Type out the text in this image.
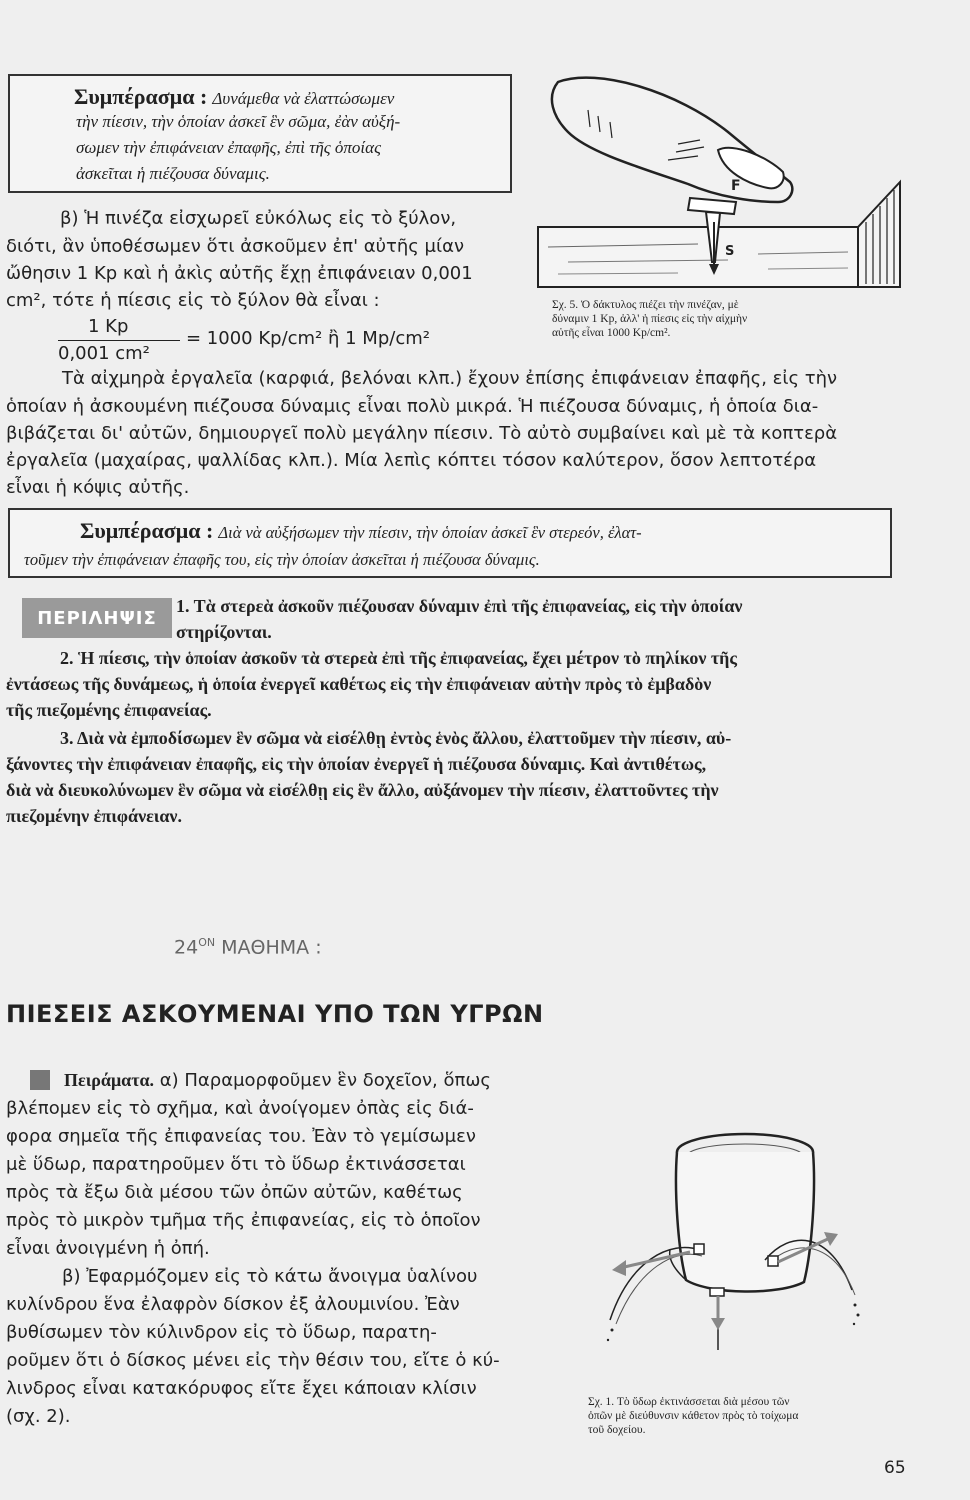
Συμπέρασμα : Δυνάμεθα νὰ ἐλαττώσωμεν
τὴν πίεσιν, τὴν ὁποίαν ἀσκεῖ ἓν σῶμα, ἐὰν αὐξή-
σωμεν τὴν ἐπιφάνειαν ἐπαφῆς, ἐπὶ τῆς ὁποίας
ἀσκεῖται ἡ πιέζουσα δύναμις.
β) Ἡ πινέζα εἰσχωρεῖ εὐκόλως εἰς τὸ ξύλον,
διότι, ἂν ὑποθέσωμεν ὅτι ἀσκοῦμεν ἐπ' αὐτῆς μίαν
ὤθησιν 1 Kp καὶ ἡ ἀκὶς αὐτῆς ἔχῃ ἐπιφάνειαν 0,001
cm², τότε ἡ πίεσις εἰς τὸ ξύλον θὰ εἶναι :
1 Kp
0,001 cm²
= 1000 Kp/cm² ἢ 1 Mp/cm²
F
S
Σχ. 5. Ὁ δάκτυλος πιέζει τὴν πινέζαν, μὲ
δύναμιν 1 Kp, ἀλλ' ἡ πίεσις εἰς τὴν αἰχμὴν
αὐτῆς εἶναι 1000 Kp/cm².
Τὰ αἰχμηρὰ ἐργαλεῖα (καρφιά, βελόναι κλπ.) ἔχουν ἐπίσης ἐπιφάνειαν ἐπαφῆς, εἰς τὴν
ὁποίαν ἡ ἀσκουμένη πιέζουσα δύναμις εἶναι πολὺ μικρά. Ἡ πιέζουσα δύναμις, ἡ ὁποία δια-
βιβάζεται δι' αὐτῶν, δημιουργεῖ πολὺ μεγάλην πίεσιν. Τὸ αὐτὸ συμβαίνει καὶ μὲ τὰ κοπτερὰ
ἐργαλεῖα (μαχαίρας, ψαλλίδας κλπ.). Μία λεπὶς κόπτει τόσον καλύτερον, ὅσον λεπτοτέρα
εἶναι ἡ κόψις αὐτῆς.
Συμπέρασμα : Διὰ νὰ αὐξήσωμεν τὴν πίεσιν, τὴν ὁποίαν ἀσκεῖ ἓν στερεόν, ἐλατ-
τοῦμεν τὴν ἐπιφάνειαν ἐπαφῆς του, εἰς τὴν ὁποίαν ἀσκεῖται ἡ πιέζουσα δύναμις.
ΠΕΡΙΛΗΨΙΣ
1. Τὰ στερεὰ ἀσκοῦν πιέζουσαν δύναμιν ἐπὶ τῆς ἐπιφανείας, εἰς τὴν ὁποίαν
στηρίζονται.
2. Ἡ πίεσις, τὴν ὁποίαν ἀσκοῦν τὰ στερεὰ ἐπὶ τῆς ἐπιφανείας, ἔχει μέτρον τὸ πηλίκον τῆς
ἐντάσεως τῆς δυνάμεως, ἡ ὁποία ἐνεργεῖ καθέτως εἰς τὴν ἐπιφάνειαν αὐτὴν πρὸς τὸ ἐμβαδὸν
τῆς πιεζομένης ἐπιφανείας.
3. Διὰ νὰ ἐμποδίσωμεν ἓν σῶμα νὰ εἰσέλθῃ ἐντὸς ἑνὸς ἄλλου, ἐλαττοῦμεν τὴν πίεσιν, αὐ-
ξάνοντες τὴν ἐπιφάνειαν ἐπαφῆς, εἰς τὴν ὁποίαν ἐνεργεῖ ἡ πιέζουσα δύναμις. Καὶ ἀντιθέτως,
διὰ νὰ διευκολύνωμεν ἓν σῶμα νὰ εἰσέλθῃ εἰς ἓν ἄλλο, αὐξάνομεν τὴν πίεσιν, ἐλαττοῦντες τὴν
πιεζομένην ἐπιφάνειαν.
$24^{ON}$ ΜΑΘΗΜΑ :
ΠΙΕΣΕΙΣ ΑΣΚΟΥΜΕΝΑΙ ΥΠΟ ΤΩΝ ΥΓΡΩΝ
Πειράματα. α) Παραμορφοῦμεν ἓν δοχεῖον, ὅπως
βλέπομεν εἰς τὸ σχῆμα, καὶ ἀνοίγομεν ὀπὰς εἰς διά-
φορα σημεῖα τῆς ἐπιφανείας του. Ἐὰν τὸ γεμίσωμεν
μὲ ὕδωρ, παρατηροῦμεν ὅτι τὸ ὕδωρ ἐκτινάσσεται
πρὸς τὰ ἔξω διὰ μέσου τῶν ὀπῶν αὐτῶν, καθέτως
πρὸς τὸ μικρὸν τμῆμα τῆς ἐπιφανείας, εἰς τὸ ὁποῖον
εἶναι ἀνοιγμένη ἡ ὀπή.
β) Ἐφαρμόζομεν εἰς τὸ κάτω ἄνοιγμα ὑαλίνου
κυλίνδρου ἕνα ἐλαφρὸν δίσκον ἐξ ἀλουμινίου. Ἐὰν
βυθίσωμεν τὸν κύλινδρον εἰς τὸ ὕδωρ, παρατη-
ροῦμεν ὅτι ὁ δίσκος μένει εἰς τὴν θέσιν του, εἴτε ὁ κύ-
λινδρος εἶναι κατακόρυφος εἴτε ἔχει κάποιαν κλίσιν
(σχ. 2).
Σχ. 1. Τὸ ὕδωρ ἐκτινάσσεται διὰ μέσου τῶν
ὀπῶν μὲ διεύθυνσιν κάθετον πρὸς τὸ τοίχωμα
τοῦ δοχείου.
65
